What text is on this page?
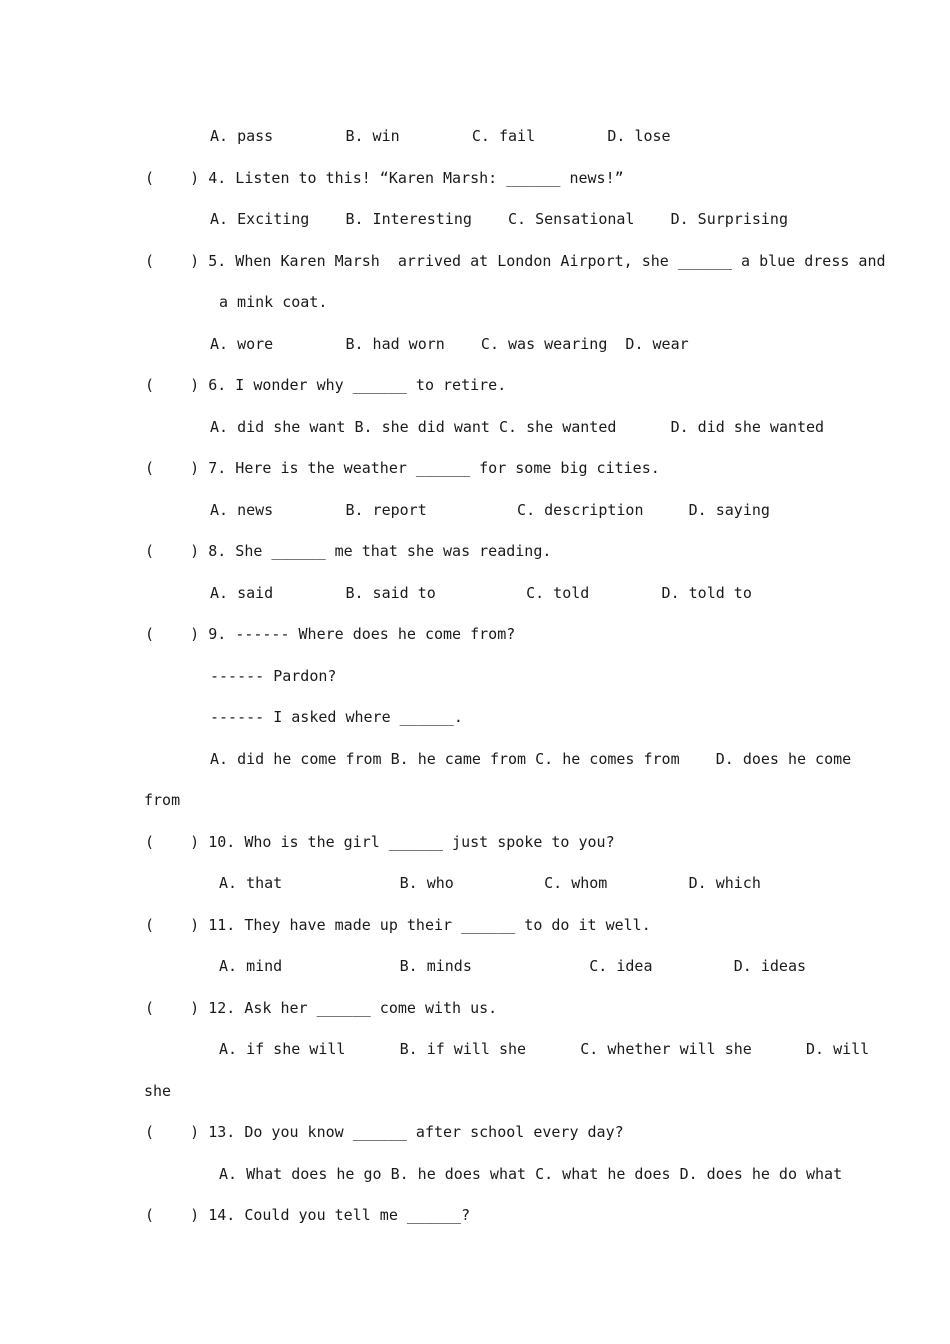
A. pass        B. win        C. fail        D. lose
(    ) 4. Listen to this! “Karen Marsh: ______ news!”
A. Exciting    B. Interesting    C. Sensational    D. Surprising
(    ) 5. When Karen Marsh  arrived at London Airport, she ______ a blue dress and
a mink coat.
A. wore        B. had worn    C. was wearing  D. wear
(    ) 6. I wonder why ______ to retire.
A. did she want B. she did want C. she wanted      D. did she wanted
(    ) 7. Here is the weather ______ for some big cities.
A. news        B. report          C. description     D. saying
(    ) 8. She ______ me that she was reading.
A. said        B. said to          C. told        D. told to
(    ) 9. ------ Where does he come from?
------ Pardon?
------ I asked where ______.
A. did he come from B. he came from C. he comes from    D. does he come
from
(    ) 10. Who is the girl ______ just spoke to you?
A. that             B. who          C. whom         D. which
(    ) 11. They have made up their ______ to do it well.
A. mind             B. minds             C. idea         D. ideas
(    ) 12. Ask her ______ come with us.
A. if she will      B. if will she      C. whether will she      D. will
she
(    ) 13. Do you know ______ after school every day?
A. What does he go B. he does what C. what he does D. does he do what
(    ) 14. Could you tell me ______?
